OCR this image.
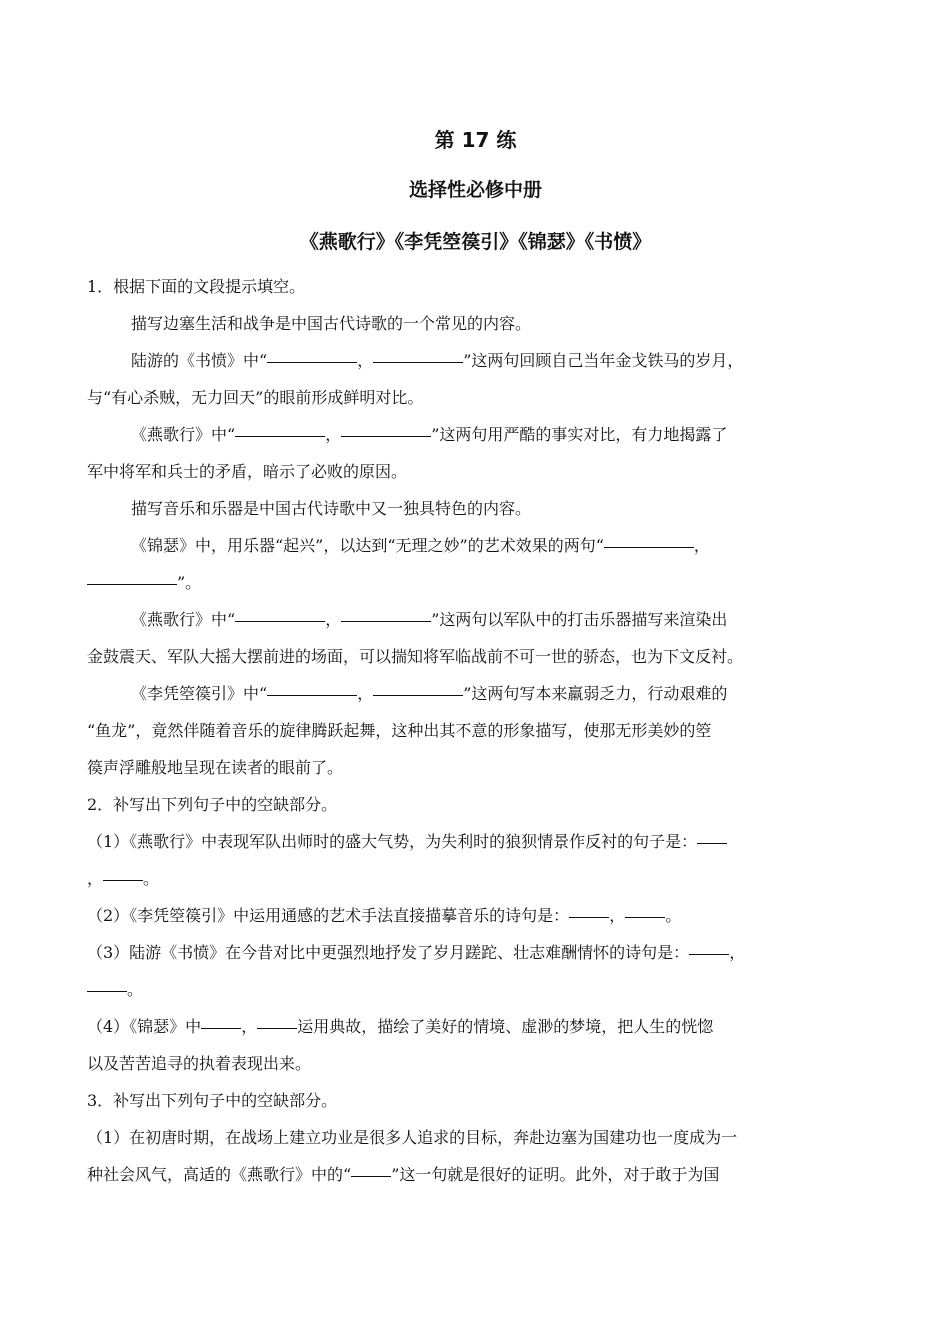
第 17 练
选择性必修中册
《燕歌行》《李凭箜篌引》《锦瑟》《书愤》

1．根据下面的文段提示填空。

描写边塞生活和战争是中国古代诗歌的一个常见的内容。

陆游的《书愤》中“	，	”这两句回顾自己当年金戈铁马的岁月，

与“有心杀贼，无力回天”的眼前形成鲜明对比。

《燕歌行》中“	，	”这两句用严酷的事实对比，有力地揭露了

军中将军和兵士的矛盾，暗示了必败的原因。

描写音乐和乐器是中国古代诗歌中又一独具特色的内容。

《锦瑟》中，用乐器“起兴”，以达到“无理之妙”的艺术效果的两句“	，

”。

《燕歌行》中“	，	”这两句以军队中的打击乐器描写来渲染出

金鼓震天、军队大摇大摆前进的场面，可以揣知将军临战前不可一世的骄态，也为下文反衬。

《李凭箜篌引》中“	，	”这两句写本来羸弱乏力，行动艰难的

“鱼龙”，竟然伴随着音乐的旋律腾跃起舞，这种出其不意的形象描写，使那无形美妙的箜

篌声浮雕般地呈现在读者的眼前了。

2．补写出下列句子中的空缺部分。

（1）《燕歌行》中表现军队出师时的盛大气势，为失利时的狼狈情景作反衬的句子是：

，	。

（2）《李凭箜篌引》中运用通感的艺术手法直接描摹音乐的诗句是：	，	。

（3）陆游《书愤》在今昔对比中更强烈地抒发了岁月蹉跎、壮志难酬情怀的诗句是：	，

。

（4）《锦瑟》中	，	运用典故，描绘了美好的情境、虚渺的梦境，把人生的恍惚

以及苦苦追寻的执着表现出来。

3．补写出下列句子中的空缺部分。

（1）在初唐时期，在战场上建立功业是很多人追求的目标，奔赴边塞为国建功也一度成为一

种社会风气，高适的《燕歌行》中的“	”这一句就是很好的证明。此外，对于敢于为国
